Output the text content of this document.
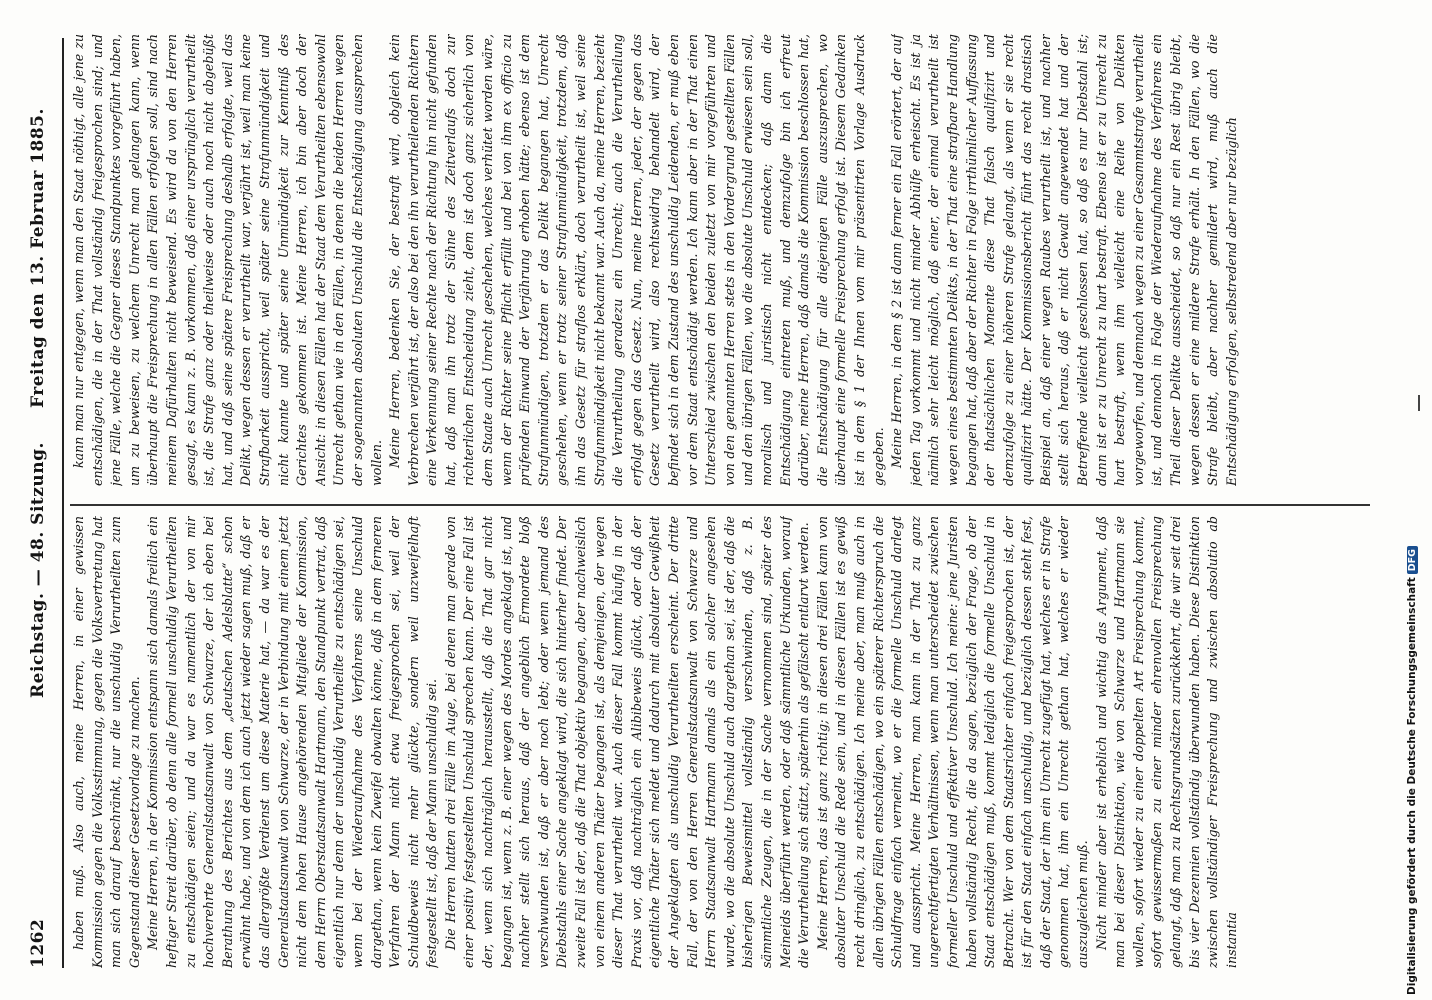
1262
Reichstag. — 48. Sitzung.
Freitag den 13. Februar 1885.

haben muß. Also auch, meine Herren, in einer gewissen Kommission gegen die Volksstimmung, gegen die Volksvertretung hat man sich darauf beschränkt, nur die unschuldig Verurtheilten zum Gegenstand dieser Gesetzvorlage zu machen. Meine Herren, in der Kommission entspann sich damals freilich ein heftiger Streit darüber, ob denn alle formell unschuldig Verurtheilten zu entschädigen seien; und da war es namentlich der von mir hochverehrte Generalstaatsanwalt von Schwarze, der ich eben bei Berathung des Berichtes aus dem „deutschen Adelsblatte“ schon erwähnt habe, und von dem ich auch jetzt wieder sagen muß, daß er das allergrößte Verdienst um diese Materie hat, — da war es der Generalstaatsanwalt von Schwarze, der in Verbindung mit einem jetzt nicht dem hohen Hause angehörenden Mitgliede der Kommission, dem Herrn Oberstaatsanwalt Hartmann, den Standpunkt vertrat, daß eigentlich nur denn der unschuldig Verurtheilte zu entschädigen sei, wenn bei der Wiederaufnahme des Verfahrens seine Unschuld dargethan, wenn kein Zweifel obwalten könne, daß in dem ferneren Verfahren der Mann nicht etwa freigesprochen sei, weil der Schuldbeweis nicht mehr glückte, sondern weil unzweifelhaft festgestellt ist, daß der Mann unschuldig sei. Die Herren hatten drei Fälle im Auge, bei denen man gerade von einer positiv festgestellten Unschuld sprechen kann. Der eine Fall ist der, wenn sich nachträglich herausstellt, daß die That gar nicht begangen ist, wenn z. B. einer wegen des Mordes angeklagt ist, und nachher stellt sich heraus, daß der angeblich Ermordete bloß verschwunden ist, daß er aber noch lebt; oder wenn jemand des Diebstahls einer Sache angeklagt wird, die sich hinterher findet. Der zweite Fall ist der, daß die That objektiv begangen, aber nachweislich von einem anderen Thäter begangen ist, als demjenigen, der wegen dieser That verurtheilt war. Auch dieser Fall kommt häufig in der Praxis vor, daß nachträglich ein Alibibeweis glückt, oder daß der eigentliche Thäter sich meldet und dadurch mit absoluter Gewißheit der Angeklagten als unschuldig Verurtheilten erscheint. Der dritte Fall, der von den Herren Generalstaatsanwalt von Schwarze und Herrn Staatsanwalt Hartmann damals als ein solcher angesehen wurde, wo die absolute Unschuld auch dargethan sei, ist der, daß die bisherigen Beweismittel vollständig verschwinden, daß z. B. sämmtliche Zeugen, die in der Sache vernommen sind, später des Meineids überführt werden, oder daß sämmtliche Urkunden, worauf die Verurtheilung sich stützt, späterhin als gefälscht entlarvt werden. Meine Herren, das ist ganz richtig; in diesen drei Fällen kann von absoluter Unschuld die Rede sein, und in diesen Fällen ist es gewiß recht dringlich, zu entschädigen. Ich meine aber, man muß auch in allen übrigen Fällen entschädigen, wo ein späterer Richterspruch die Schuldfrage einfach verneint, wo er die formelle Unschuld darlegt und ausspricht. Meine Herren, man kann in der That zu ganz ungerechtfertigten Verhältnissen, wenn man unterscheidet zwischen formeller Unschuld und effektiver Unschuld. Ich meine: jene Juristen haben vollständig Recht, die da sagen, bezüglich der Frage, ob der Staat entschädigen muß, kommt lediglich die formelle Unschuld in Betracht. Wer von dem Staatsrichter einfach freigesprochen ist, der ist für den Staat einfach unschuldig, und bezüglich dessen steht fest, daß der Staat, der ihm ein Unrecht zugefügt hat, welches er in Strafe genommen hat, ihm ein Unrecht gethan hat, welches er wieder auszugleichen muß. Nicht minder aber ist erheblich und wichtig das Argument, daß man bei dieser Distinktion, wie von Schwarze und Hartmann sie wollen, sofort wieder zu einer doppelten Art Freisprechung kommt, sofort gewissermaßen zu einer minder ehrenvollen Freisprechung gelangt, daß man zu Rechtsgrundsätzen zurückkehrt, die wir seit drei bis vier Dezennien vollständig überwunden haben. Diese Distinktion zwischen vollständiger Freisprechung und zwischen absolutio ab instantia

kann man nur entgegen, wenn man den Staat nöthigt, alle jene zu entschädigen, die in der That vollständig freigesprochen sind; und jene Fälle, welche die Gegner dieses Standpunktes vorgeführt haben, um zu beweisen, zu welchem Unrecht man gelangen kann, wenn überhaupt die Freisprechung in allen Fällen erfolgen soll, sind nach meinem Dafürhalten nicht beweisend. Es wird da von den Herren gesagt, es kann z. B. vorkommen, daß einer ursprünglich verurtheilt ist, die Strafe ganz oder theilweise oder auch noch nicht abgebüßt hat, und daß seine spätere Freisprechung deshalb erfolgte, weil das Delikt, wegen dessen er verurtheilt war, verjährt ist, weil man keine Strafbarkeit ausspricht, weil später seine Strafunmündigkeit und nicht kannte und später seine Unmündigkeit zur Kenntniß des Gerichtes gekommen ist. Meine Herren, ich bin aber doch der Ansicht: in diesen Fällen hat der Staat dem Verurtheilten ebensowohl Unrecht gethan wie in den Fällen, in denen die beiden Herren wegen der sogenannten absoluten Unschuld die Entschädigung aussprechen wollen. Meine Herren, bedenken Sie, der bestraft wird, obgleich kein Verbrechen verjährt ist, der also bei den ihn verurtheilenden Richtern eine Verkennung seiner Rechte nach der Richtung hin nicht gefunden hat, daß man ihn trotz der Sühne des Zeitverlaufs doch zur richterlichen Entscheidung zieht, dem ist doch ganz sicherlich von dem Staate auch Unrecht geschehen, welches verhütet worden wäre, wenn der Richter seine Pflicht erfüllt und bei von ihm ex officio zu prüfenden Einwand der Verjährung erhoben hätte; ebenso ist dem Strafunmündigen, trotzdem er das Delikt begangen hat, Unrecht geschehen, wenn er trotz seiner Strafunmündigkeit, trotzdem, daß ihn das Gesetz für straflos erklärt, doch verurtheilt ist, weil seine Strafunmündigkeit nicht bekannt war. Auch da, meine Herren, bezieht die Verurtheilung geradezu ein Unrecht; auch die Verurtheilung erfolgt gegen das Gesetz. Nun, meine Herren, jeder, der gegen das Gesetz verurtheilt wird, also rechtswidrig behandelt wird, der befindet sich in dem Zustand des unschuldig Leidenden, er muß eben vor dem Staat entschädigt werden. Ich kann aber in der That einen Unterschied zwischen den beiden zuletzt von mir vorgeführten und von den genannten Herren stets in den Vordergrund gestellten Fällen und den übrigen Fällen, wo die absolute Unschuld erwiesen sein soll, moralisch und juristisch nicht entdecken; daß dann die Entschädigung eintreten muß, und demzufolge bin ich erfreut darüber, meine Herren, daß damals die Kommission beschlossen hat, die Entschädigung für alle diejenigen Fälle auszusprechen, wo überhaupt eine formelle Freisprechung erfolgt ist. Diesem Gedanken ist in dem § 1 der Ihnen vom mir präsentirten Vorlage Ausdruck gegeben. Meine Herren, in dem § 2 ist dann ferner ein Fall erörtert, der auf jeden Tag vorkommt und nicht minder Abhülfe erheischt. Es ist ja nämlich sehr leicht möglich, daß einer, der einmal verurtheilt ist wegen eines bestimmten Delikts, in der That eine strafbare Handlung begangen hat, daß aber der Richter in Folge irrthümlicher Auffassung der thatsächlichen Momente diese That falsch qualifizirt und demzufolge zu einer höheren Strafe gelangt, als wenn er sie recht qualifizirt hätte. Der Kommissionsbericht führt das recht drastisch Beispiel an, daß einer wegen Raubes verurtheilt ist, und nachher stellt sich heraus, daß er nicht Gewalt angewendet hat und der Betreffende vielleicht geschlossen hat, so daß es nur Diebstahl ist; dann ist er zu Unrecht zu hart bestraft. Ebenso ist er zu Unrecht zu hart bestraft, wenn ihm vielleicht eine Reihe von Delikten vorgeworfen, und demnach wegen zu einer Gesammtstrafe verurtheilt ist, und dennoch in Folge der Wiederaufnahme des Verfahrens ein Theil dieser Delikte ausscheidet, so daß nur ein Rest übrig bleibt, wegen dessen er eine mildere Strafe erhält. In den Fällen, wo die Strafe bleibt, aber nachher gemildert wird, muß auch die Entschädigung erfolgen, selbstredend aber nur bezüglich

Digitalisierung gefördert durch die Deutsche ForschungsgemeinschaftDFG
